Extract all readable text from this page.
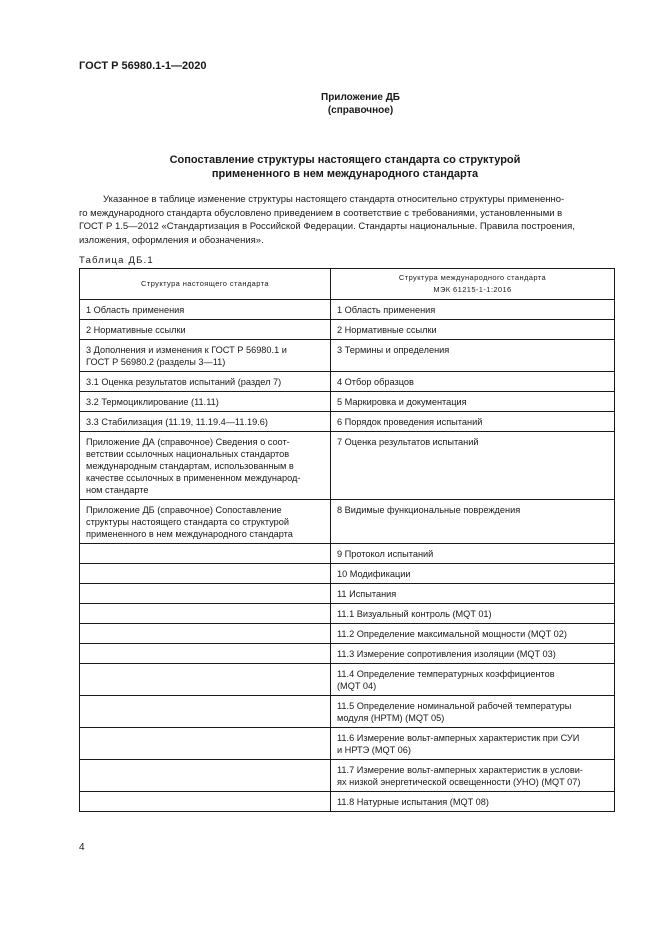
ГОСТ Р 56980.1-1—2020
Приложение ДБ
(справочное)
Сопоставление структуры настоящего стандарта со структурой
примененного в нем международного стандарта
Указанное в таблице изменение структуры настоящего стандарта относительно структуры примененно-
го международного стандарта обусловлено приведением в соответствие с требованиями, установленными в
ГОСТ Р 1.5—2012 «Стандартизация в Российской Федерации. Стандарты национальные. Правила построения,
изложения, оформления и обозначения».
Таблица ДБ.1
Структура настоящего стандарта	Структура международного стандарта
МЭК 61215-1-1:2016

1 Область применения	1 Область применения

2 Нормативные ссылки	2 Нормативные ссылки

3 Дополнения и изменения к ГОСТ Р 56980.1 и
ГОСТ Р 56980.2 (разделы 3—11)	3 Термины и определения

3.1 Оценка результатов испытаний (раздел 7)	4 Отбор образцов

3.2 Термоциклирование (11.11)	5 Маркировка и документация

3.3 Стабилизация (11.19, 11.19.4—11.19.6)	6 Порядок проведения испытаний

Приложение ДА (справочное) Сведения о соот-
ветствии ссылочных национальных стандартов
международным стандартам, использованным в
качестве ссылочных в примененном международ-
ном стандарте	7 Оценка результатов испытаний

Приложение ДБ (справочное) Сопоставление
структуры настоящего стандарта со структурой
примененного в нем международного стандарта	8 Видимые функциональные повреждения

	9 Протокол испытаний

	10 Модификации

	11 Испытания

	11.1 Визуальный контроль (MQT 01)

	11.2 Определение максимальной мощности (MQT 02)

	11.3 Измерение сопротивления изоляции (MQT 03)

	11.4 Определение температурных коэффициентов
(MQT 04)

	11.5 Определение номинальной рабочей температуры
модуля (НРТМ) (MQT 05)

	11.6 Измерение вольт-амперных характеристик при СУИ
и НРТЭ (MQT 06)

	11.7 Измерение вольт-амперных характеристик в услови-
ях низкой энергетической освещенности (УНО) (MQT 07)

	11.8 Натурные испытания (MQT 08)
4
